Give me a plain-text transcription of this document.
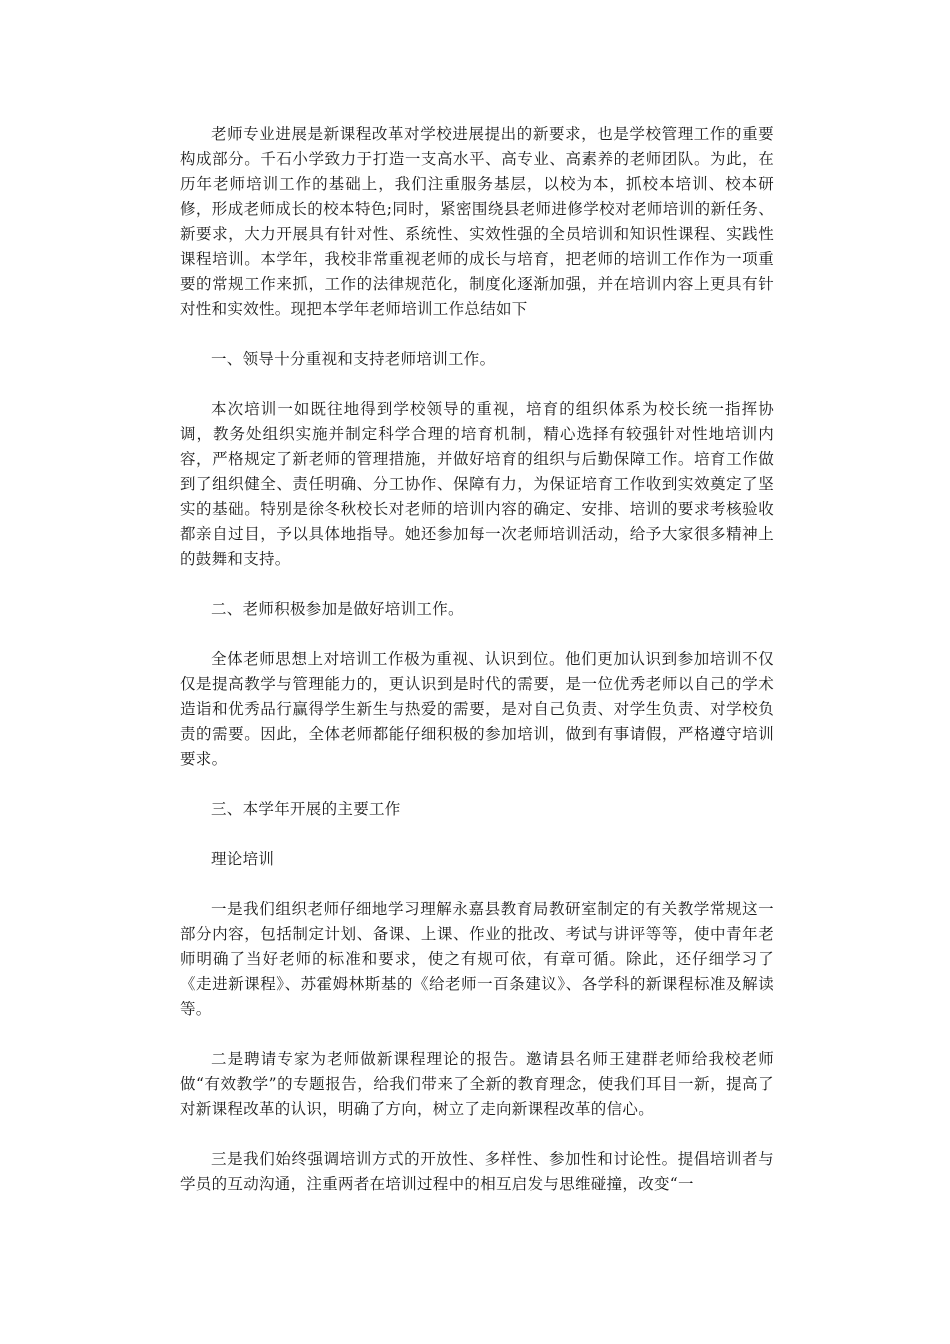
老师专业进展是新课程改革对学校进展提出的新要求，也是学校管理工作的重要构成部分。千石小学致力于打造一支高水平、高专业、高素养的老师团队。为此，在历年老师培训工作的基础上，我们注重服务基层，以校为本，抓校本培训、校本研修，形成老师成长的校本特色;同时，紧密围绕县老师进修学校对老师培训的新任务、新要求，大力开展具有针对性、系统性、实效性强的全员培训和知识性课程、实践性课程培训。本学年，我校非常重视老师的成长与培育，把老师的培训工作作为一项重要的常规工作来抓，工作的法律规范化，制度化逐渐加强，并在培训内容上更具有针对性和实效性。现把本学年老师培训工作总结如下

一、领导十分重视和支持老师培训工作。

本次培训一如既往地得到学校领导的重视，培育的组织体系为校长统一指挥协调，教务处组织实施并制定科学合理的培育机制，精心选择有较强针对性地培训内容，严格规定了新老师的管理措施，并做好培育的组织与后勤保障工作。培育工作做到了组织健全、责任明确、分工协作、保障有力，为保证培育工作收到实效奠定了坚实的基础。特别是徐冬秋校长对老师的培训内容的确定、安排、培训的要求考核验收都亲自过目，予以具体地指导。她还参加每一次老师培训活动，给予大家很多精神上的鼓舞和支持。

二、老师积极参加是做好培训工作。

全体老师思想上对培训工作极为重视、认识到位。他们更加认识到参加培训不仅仅是提高教学与管理能力的，更认识到是时代的需要，是一位优秀老师以自己的学术造诣和优秀品行赢得学生新生与热爱的需要，是对自己负责、对学生负责、对学校负责的需要。因此，全体老师都能仔细积极的参加培训，做到有事请假，严格遵守培训要求。

三、本学年开展的主要工作

理论培训

一是我们组织老师仔细地学习理解永嘉县教育局教研室制定的有关教学常规这一部分内容，包括制定计划、备课、上课、作业的批改、考试与讲评等等，使中青年老师明确了当好老师的标准和要求，使之有规可依，有章可循。除此，还仔细学习了《走进新课程》、苏霍姆林斯基的《给老师一百条建议》、各学科的新课程标准及解读等。

二是聘请专家为老师做新课程理论的报告。邀请县名师王建群老师给我校老师做“有效教学”的专题报告，给我们带来了全新的教育理念，使我们耳目一新，提高了对新课程改革的认识，明确了方向，树立了走向新课程改革的信心。

三是我们始终强调培训方式的开放性、多样性、参加性和讨论性。提倡培训者与学员的互动沟通，注重两者在培训过程中的相互启发与思维碰撞，改变“一
